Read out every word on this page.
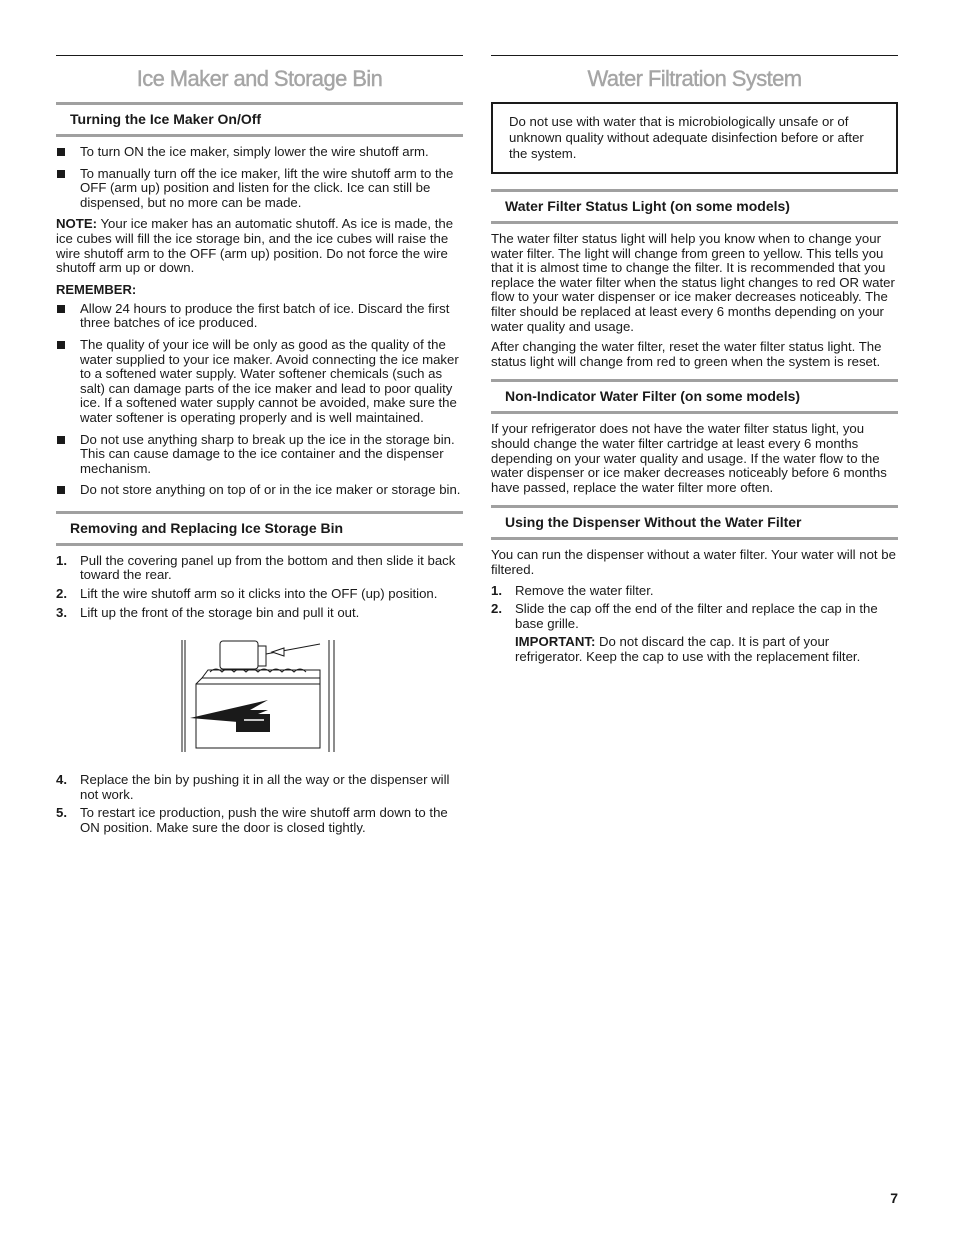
Ice Maker and Storage Bin
Turning the Ice Maker On/Off
To turn ON the ice maker, simply lower the wire shutoff arm.
To manually turn off the ice maker, lift the wire shutoff arm to the OFF (arm up) position and listen for the click. Ice can still be dispensed, but no more can be made.

NOTE: Your ice maker has an automatic shutoff. As ice is made, the ice cubes will fill the ice storage bin, and the ice cubes will raise the wire shutoff arm to the OFF (arm up) position. Do not force the wire shutoff arm up or down.

REMEMBER:
Allow 24 hours to produce the first batch of ice. Discard the first three batches of ice produced.
The quality of your ice will be only as good as the quality of the water supplied to your ice maker. Avoid connecting the ice maker to a softened water supply. Water softener chemicals (such as salt) can damage parts of the ice maker and lead to poor quality ice. If a softened water supply cannot be avoided, make sure the water softener is operating properly and is well maintained.
Do not use anything sharp to break up the ice in the storage bin. This can cause damage to the ice container and the dispenser mechanism.
Do not store anything on top of or in the ice maker or storage bin.
Removing and Replacing Ice Storage Bin
1. Pull the covering panel up from the bottom and then slide it back toward the rear.
2. Lift the wire shutoff arm so it clicks into the OFF (up) position.
3. Lift up the front of the storage bin and pull it out.
4. Replace the bin by pushing it in all the way or the dispenser will not work.
5. To restart ice production, push the wire shutoff arm down to the ON position. Make sure the door is closed tightly.
Water Filtration System

Do not use with water that is microbiologically unsafe or of unknown quality without adequate disinfection before or after the system.

Water Filter Status Light (on some models)

The water filter status light will help you know when to change your water filter. The light will change from green to yellow. This tells you that it is almost time to change the filter. It is recommended that you replace the water filter when the status light changes to red OR water flow to your water dispenser or ice maker decreases noticeably. The filter should be replaced at least every 6 months depending on your water quality and usage.

After changing the water filter, reset the water filter status light. The status light will change from red to green when the system is reset.

Non-Indicator Water Filter (on some models)

If your refrigerator does not have the water filter status light, you should change the water filter cartridge at least every 6 months depending on your water quality and usage. If the water flow to the water dispenser or ice maker decreases noticeably before 6 months have passed, replace the water filter more often.

Using the Dispenser Without the Water Filter

You can run the dispenser without a water filter. Your water will not be filtered.

1. Remove the water filter.
2. Slide the cap off the end of the filter and replace the cap in the base grille.

IMPORTANT: Do not discard the cap. It is part of your refrigerator. Keep the cap to use with the replacement filter.

7
